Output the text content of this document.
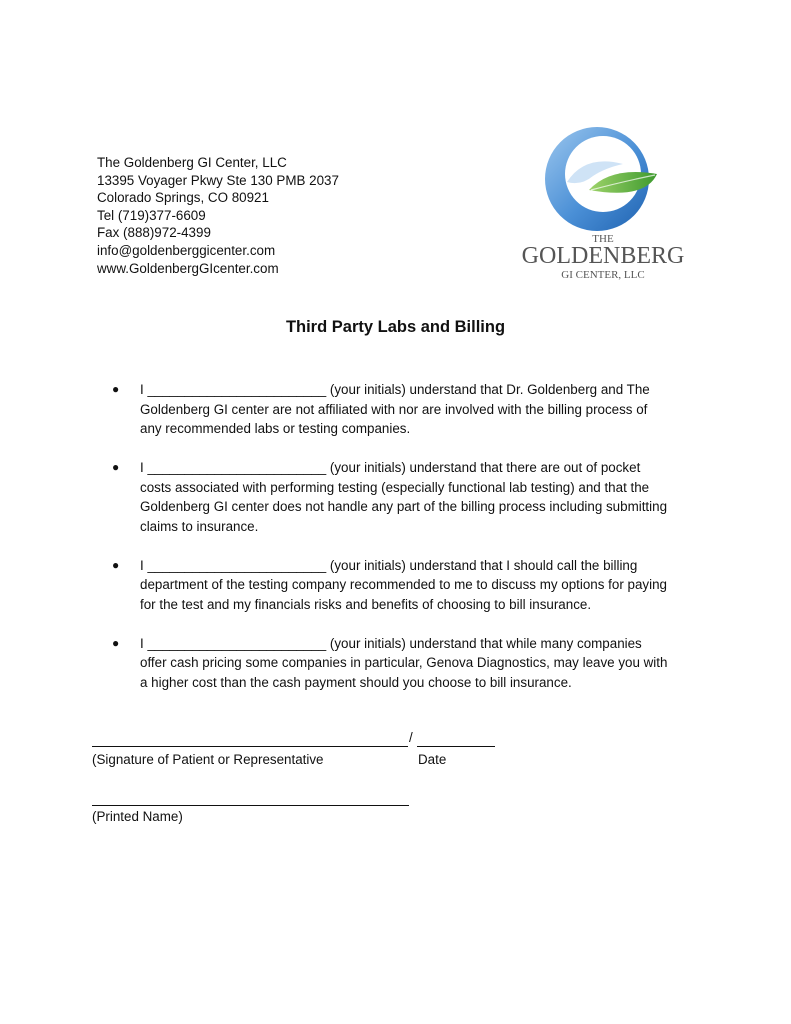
The Goldenberg GI Center, LLC
13395 Voyager Pkwy Ste 130 PMB 2037
Colorado Springs, CO 80921
Tel (719)377-6609
Fax (888)972-4399
info@goldenberggicenter.com
www.GoldenbergGIcenter.com
THE
GOLDENBERG
GI CENTER, LLC
Third Party Labs and Billing
● I ________________________ (your initials) understand that Dr. Goldenberg and The Goldenberg GI center are not affiliated with nor are involved with the billing process of any recommended labs or testing companies.
● I ________________________ (your initials) understand that there are out of pocket costs associated with performing testing (especially functional lab testing) and that the Goldenberg GI center does not handle any part of the billing process including submitting claims to insurance.
● I ________________________ (your initials) understand that I should call the billing department of the testing company recommended to me to discuss my options for paying for the test and my financials risks and benefits of choosing to bill insurance.
● I ________________________ (your initials) understand that while many companies offer cash pricing some companies in particular, Genova Diagnostics, may leave you with a higher cost than the cash payment should you choose to bill insurance.
/
(Signature of Patient or Representative	Date
(Printed Name)
